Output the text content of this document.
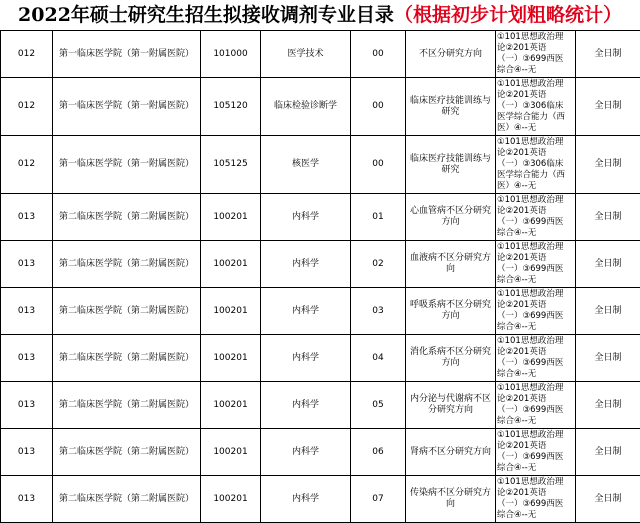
2022年硕士研究生招生拟接收调剂专业目录（根据初步计划粗略统计）
012	第一临床医学院（第一附属医院）	101000	医学技术	00	不区分研究方向	①101思想政治理
论②201英语
（一）③699西医
综合④--无	全日制
012	第一临床医学院（第一附属医院）	105120	临床检验诊断学	00	临床医疗技能训练与研究	①101思想政治理
论②201英语
（一）③306临床
医学综合能力（西
医）④--无	全日制
012	第一临床医学院（第一附属医院）	105125	核医学	00	临床医疗技能训练与研究	①101思想政治理
论②201英语
（一）③306临床
医学综合能力（西
医）④--无	全日制
013	第二临床医学院（第二附属医院）	100201	内科学	01	心血管病不区分研究方向	①101思想政治理
论②201英语
（一）③699西医
综合④--无	全日制
013	第二临床医学院（第二附属医院）	100201	内科学	02	血液病不区分研究方向	①101思想政治理
论②201英语
（一）③699西医
综合④--无	全日制
013	第二临床医学院（第二附属医院）	100201	内科学	03	呼吸系病不区分研究方向	①101思想政治理
论②201英语
（一）③699西医
综合④--无	全日制
013	第二临床医学院（第二附属医院）	100201	内科学	04	消化系病不区分研究方向	①101思想政治理
论②201英语
（一）③699西医
综合④--无	全日制
013	第二临床医学院（第二附属医院）	100201	内科学	05	内分泌与代谢病不区分研究方向	①101思想政治理
论②201英语
（一）③699西医
综合④--无	全日制
013	第二临床医学院（第二附属医院）	100201	内科学	06	肾病不区分研究方向	①101思想政治理
论②201英语
（一）③699西医
综合④--无	全日制
013	第二临床医学院（第二附属医院）	100201	内科学	07	传染病不区分研究方向	①101思想政治理
论②201英语
（一）③699西医
综合④--无	全日制
